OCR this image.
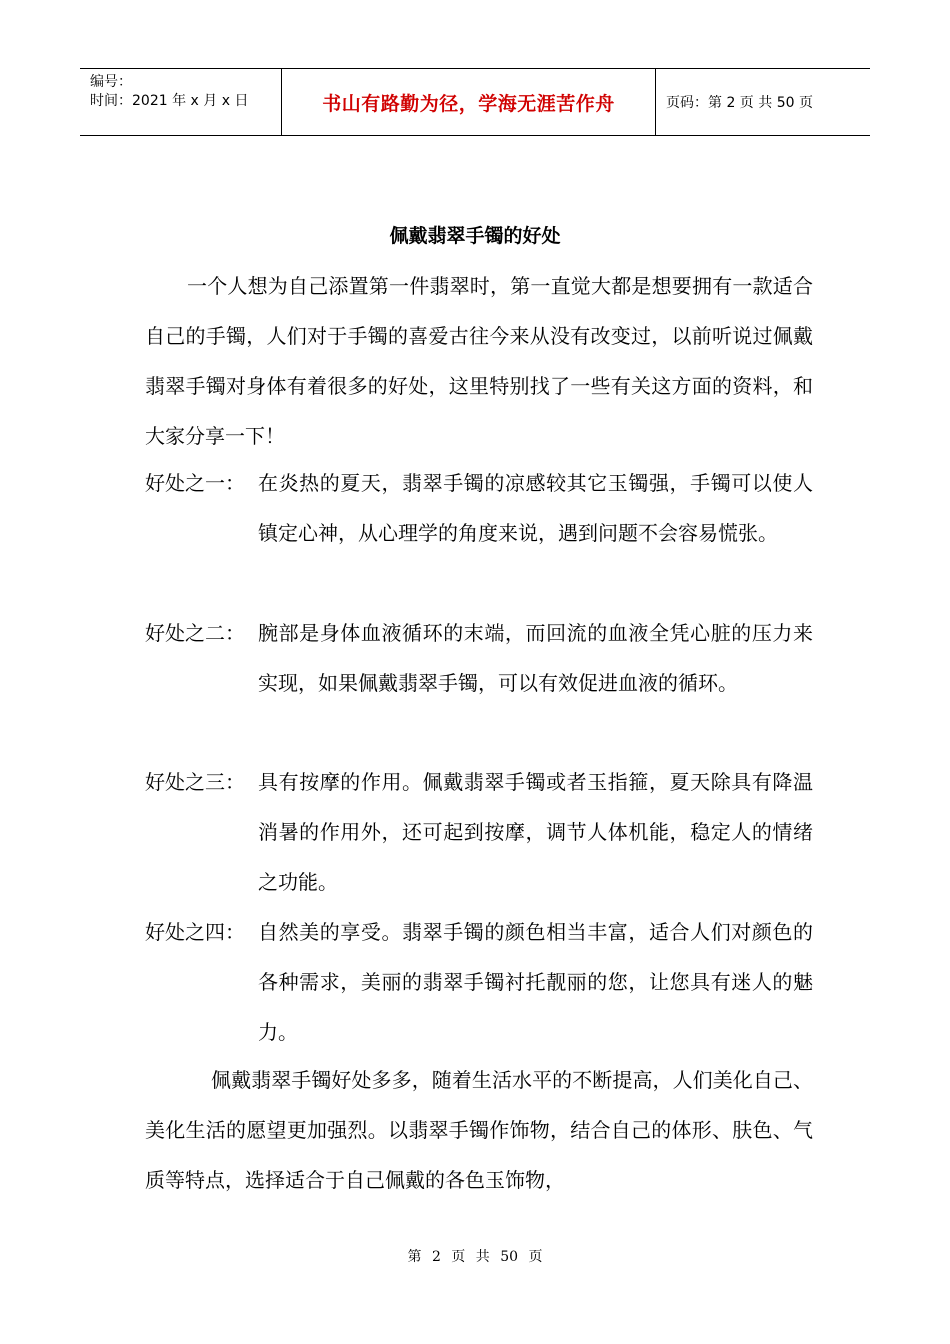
编号：
时间：2021 年 x 月 x 日	书山有路勤为径，学海无涯苦作舟	页码：第 2 页 共 50 页
佩戴翡翠手镯的好处
一个人想为自己添置第一件翡翠时，第一直觉大都是想要拥有一款适合自己的手镯，人们对于手镯的喜爱古往今来从没有改变过，以前听说过佩戴翡翠手镯对身体有着很多的好处，这里特别找了一些有关这方面的资料，和大家分享一下！
好处之一： 在炎热的夏天，翡翠手镯的凉感较其它玉镯强，手镯可以使人镇定心神，从心理学的角度来说，遇到问题不会容易慌张。
好处之二： 腕部是身体血液循环的末端，而回流的血液全凭心脏的压力来实现，如果佩戴翡翠手镯，可以有效促进血液的循环。
好处之三： 具有按摩的作用。佩戴翡翠手镯或者玉指箍，夏天除具有降温消暑的作用外，还可起到按摩，调节人体机能，稳定人的情绪之功能。
好处之四： 自然美的享受。翡翠手镯的颜色相当丰富，适合人们对颜色的各种需求，美丽的翡翠手镯衬托靓丽的您，让您具有迷人的魅力。
佩戴翡翠手镯好处多多，随着生活水平的不断提高，人们美化自己、美化生活的愿望更加强烈。以翡翠手镯作饰物，结合自己的体形、肤色、气质等特点，选择适合于自己佩戴的各色玉饰物，
第 2 页 共 50 页
